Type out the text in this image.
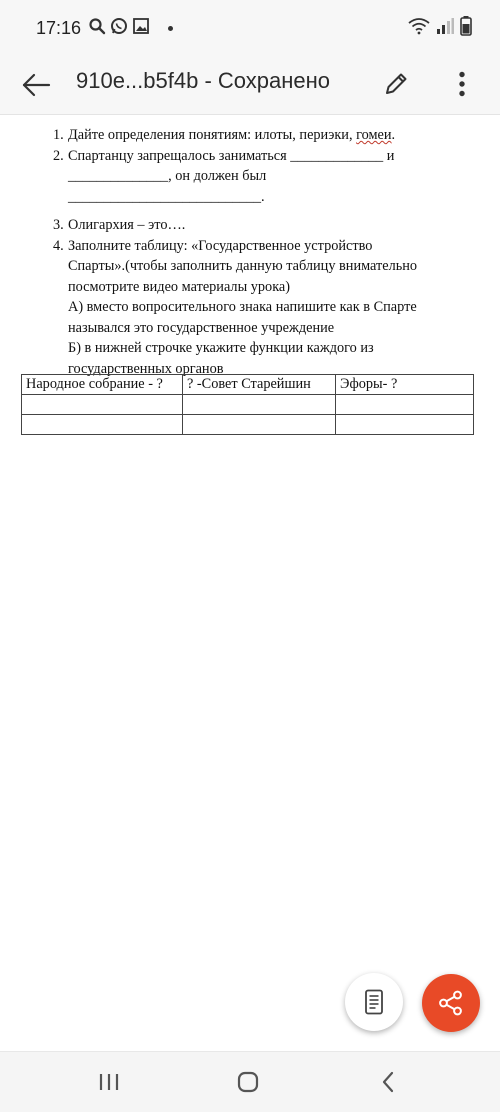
17:16
910e...b5f4b - Сохранено
1. Дайте определения понятиям: илоты, периэки, гомеи.
2. Спартанцу запрещалось заниматься _____________ и
______________, он должен был
___________________________.
3. Олигархия – это….
4. Заполните таблицу: «Государственное устройство
Спарты».(чтобы заполнить данную таблицу внимательно
посмотрите видео материалы урока)
А) вместо вопросительного знака напишите как в Спарте
назывался это государственное учреждение
Б) в нижней строчке укажите функции каждого из
государственных органов
Народное собрание - ?	? -Совет Старейшин	Эфоры- ?
